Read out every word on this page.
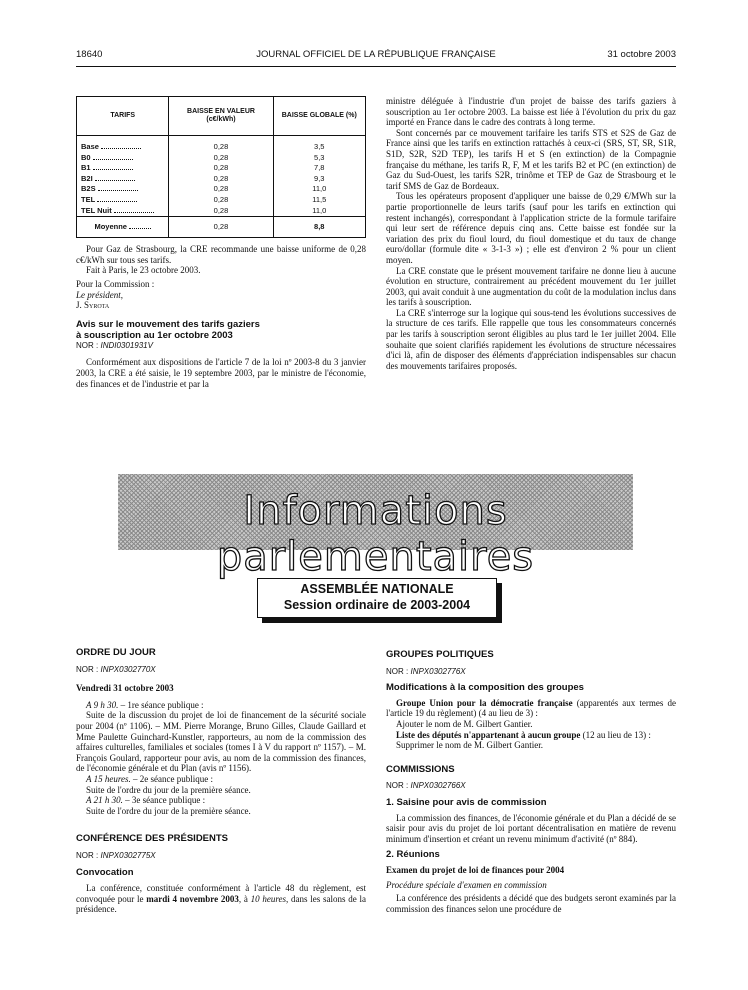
18640	JOURNAL OFFICIEL DE LA RÉPUBLIQUE FRANÇAISE	31 octobre 2003
TARIFS	BAISSE EN VALEUR (c€/kWh)	BAISSE GLOBALE (%)
Base	0,28	3,5
B0	0,28	5,3
B1	0,28	7,8
B2I	0,28	9,3
B2S	0,28	11,0
TEL	0,28	11,5
TEL Nuit	0,28	11,0
Moyenne	0,28	8,8

Pour Gaz de Strasbourg, la CRE recommande une baisse uniforme de 0,28 c€/kWh sur tous ses tarifs.

Fait à Paris, le 23 octobre 2003.

Pour la Commission :

Le président,

J. Syrota

Avis sur le mouvement des tarifs gaziers

à souscription au 1er octobre 2003

NOR : INDI0301931V

Conformément aux dispositions de l'article 7 de la loi nº 2003-8 du 3 janvier 2003, la CRE a été saisie, le 19 septembre 2003, par le ministre de l'économie, des finances et de l'industrie et par la

ministre déléguée à l'industrie d'un projet de baisse des tarifs gaziers à souscription au 1er octobre 2003. La baisse est liée à l'évolution du prix du gaz importé en France dans le cadre des contrats à long terme.

Sont concernés par ce mouvement tarifaire les tarifs STS et S2S de Gaz de France ainsi que les tarifs en extinction rattachés à ceux-ci (SRS, ST, SR, S1R, S1D, S2R, S2D TEP), les tarifs H et S (en extinction) de la Compagnie française du méthane, les tarifs R, F, M et les tarifs B2 et PC (en extinction) de Gaz du Sud-Ouest, les tarifs S2R, trinôme et TEP de Gaz de Strasbourg et le tarif SMS de Gaz de Bordeaux.

Tous les opérateurs proposent d'appliquer une baisse de 0,29 €/MWh sur la partie proportionnelle de leurs tarifs (sauf pour les tarifs en extinction qui restent inchangés), correspondant à l'application stricte de la formule tarifaire qui leur sert de référence depuis cinq ans. Cette baisse est fondée sur la variation des prix du fioul lourd, du fioul domestique et du taux de change euro/dollar (formule dite « 3-1-3 ») ; elle est d'environ 2 % pour un client moyen.

La CRE constate que le présent mouvement tarifaire ne donne lieu à aucune évolution en structure, contrairement au précédent mouvement du 1er juillet 2003, qui avait conduit à une augmentation du coût de la modulation inclus dans les tarifs à souscription.

La CRE s'interroge sur la logique qui sous-tend les évolutions successives de la structure de ces tarifs. Elle rappelle que tous les consommateurs concernés par les tarifs à souscription seront éligibles au plus tard le 1er juillet 2004. Elle souhaite que soient clarifiés rapidement les évolutions de structure nécessaires d'ici là, afin de disposer des éléments d'appréciation indispensables sur chacun des mouvements tarifaires proposés.

Informations parlementaires
ASSEMBLÉE NATIONALE
Session ordinaire de 2003-2004

ORDRE DU JOUR

NOR : INPX0302770X

Vendredi 31 octobre 2003

A 9 h 30. – 1re séance publique :

Suite de la discussion du projet de loi de financement de la sécurité sociale pour 2004 (nº 1106). – MM. Pierre Morange, Bruno Gilles, Claude Gaillard et Mme Paulette Guinchard-Kunstler, rapporteurs, au nom de la commission des affaires culturelles, familiales et sociales (tomes I à V du rapport nº 1157). – M. François Goulard, rapporteur pour avis, au nom de la commission des finances, de l'économie générale et du Plan (avis nº 1156).

A 15 heures. – 2e séance publique :

Suite de l'ordre du jour de la première séance.

A 21 h 30. – 3e séance publique :

Suite de l'ordre du jour de la première séance.

CONFÉRENCE DES PRÉSIDENTS

NOR : INPX0302775X

Convocation

La conférence, constituée conformément à l'article 48 du règlement, est convoquée pour le mardi 4 novembre 2003, à 10 heures, dans les salons de la présidence.

GROUPES POLITIQUES

NOR : INPX0302776X

Modifications à la composition des groupes

Groupe Union pour la démocratie française (apparentés aux termes de l'article 19 du règlement) (4 au lieu de 3) :

Ajouter le nom de M. Gilbert Gantier.

Liste des députés n'appartenant à aucun groupe (12 au lieu de 13) :

Supprimer le nom de M. Gilbert Gantier.

COMMISSIONS

NOR : INPX0302766X

1. Saisine pour avis de commission

La commission des finances, de l'économie générale et du Plan a décidé de se saisir pour avis du projet de loi portant décentralisation en matière de revenu minimum d'insertion et créant un revenu minimum d'activité (nº 884).

2. Réunions

Examen du projet de loi de finances pour 2004

Procédure spéciale d'examen en commission

La conférence des présidents a décidé que des budgets seront examinés par la commission des finances selon une procédure de
